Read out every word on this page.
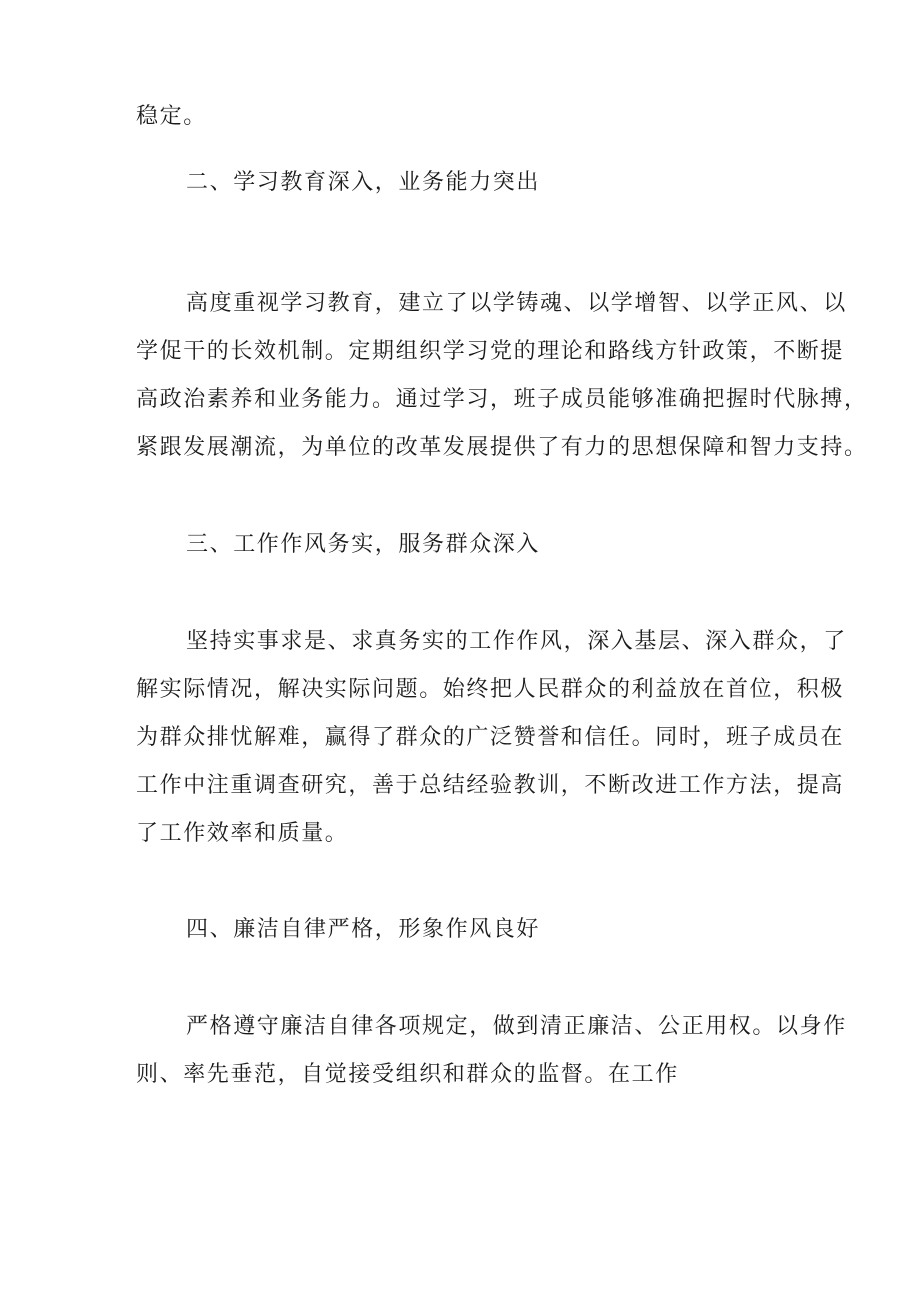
稳定。
二、学习教育深入，业务能力突出
高度重视学习教育，建立了以学铸魂、以学增智、以学正风、以
学促干的长效机制。定期组织学习党的理论和路线方针政策，不断提
高政治素养和业务能力。通过学习，班子成员能够准确把握时代脉搏，
紧跟发展潮流，为单位的改革发展提供了有力的思想保障和智力支持。
三、工作作风务实，服务群众深入
坚持实事求是、求真务实的工作作风，深入基层、深入群众，了
解实际情况，解决实际问题。始终把人民群众的利益放在首位，积极
为群众排忧解难，赢得了群众的广泛赞誉和信任。同时，班子成员在
工作中注重调查研究，善于总结经验教训，不断改进工作方法，提高
了工作效率和质量。
四、廉洁自律严格，形象作风良好
严格遵守廉洁自律各项规定，做到清正廉洁、公正用权。以身作
则、率先垂范，自觉接受组织和群众的监督。在工作
